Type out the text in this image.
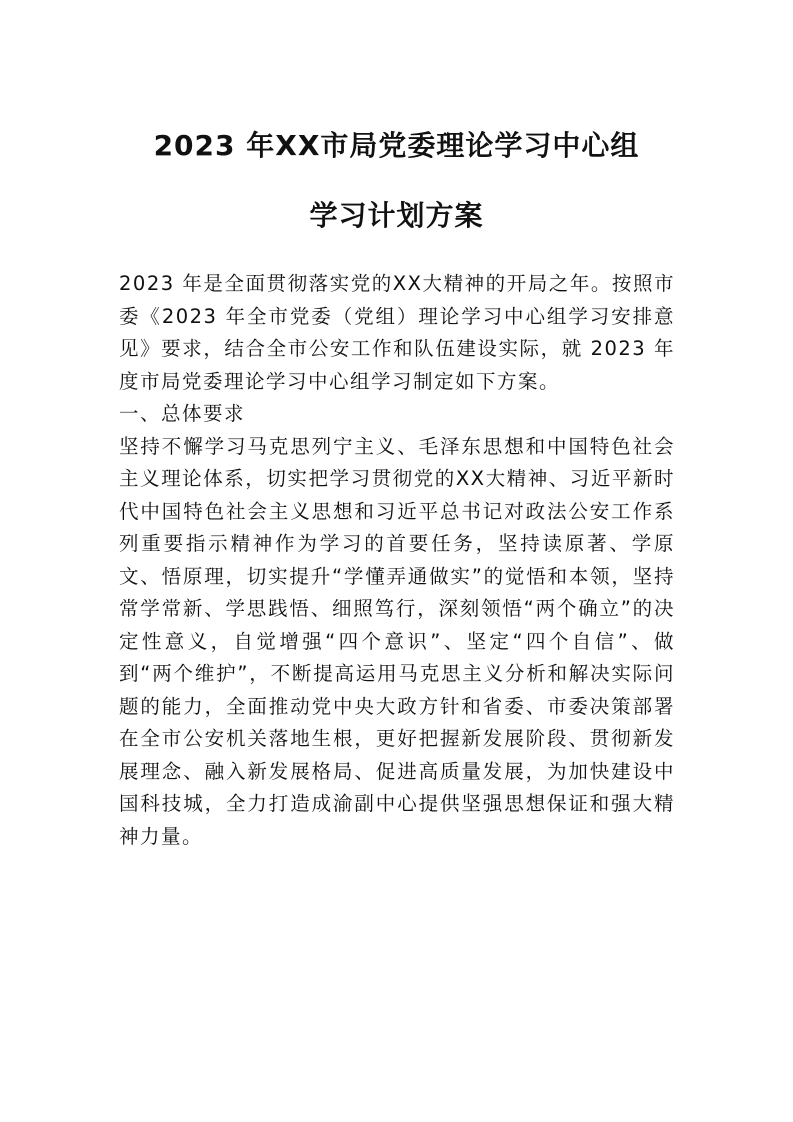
2023 年XX市局党委理论学习中心组
学习计划方案

2023 年是全面贯彻落实党的XX大精神的开局之年。按照市委《2023 年全市党委（党组）理论学习中心组学习安排意见》要求，结合全市公安工作和队伍建设实际，就 2023 年度市局党委理论学习中心组学习制定如下方案。

一、总体要求

坚持不懈学习马克思列宁主义、毛泽东思想和中国特色社会主义理论体系，切实把学习贯彻党的XX大精神、习近平新时代中国特色社会主义思想和习近平总书记对政法公安工作系列重要指示精神作为学习的首要任务，坚持读原著、学原文、悟原理，切实提升“学懂弄通做实”的觉悟和本领，坚持常学常新、学思践悟、细照笃行，深刻领悟“两个确立”的决定性意义，自觉增强“四个意识”、坚定“四个自信”、做到“两个维护”，不断提高运用马克思主义分析和解决实际问题的能力，全面推动党中央大政方针和省委、市委决策部署在全市公安机关落地生根，更好把握新发展阶段、贯彻新发展理念、融入新发展格局、促进高质量发展，为加快建设中国科技城，全力打造成渝副中心提供坚强思想保证和强大精神力量。
